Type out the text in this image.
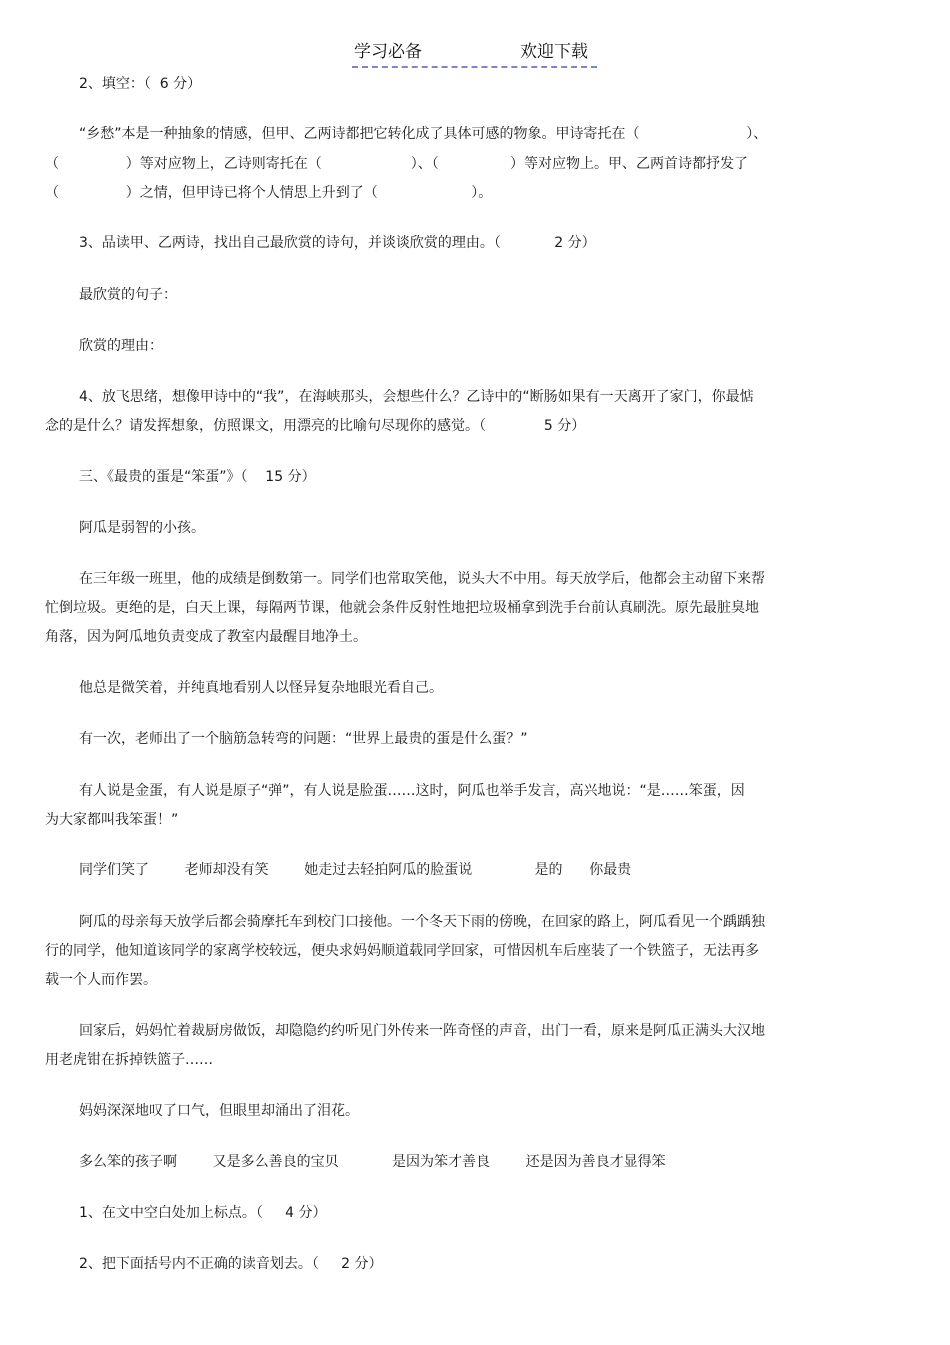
学习必备	欢迎下载
2、填空：（  6 分）
“乡愁”本是一种抽象的情感，但甲、乙两诗都把它转化成了具体可感的物象。甲诗寄托在（                        ）、
（               ）等对应物上，乙诗则寄托在（                    ）、（                ）等对应物上。甲、乙两首诗都抒发了
（               ）之情，但甲诗已将个人情思上升到了（                     ）。
3、品读甲、乙两诗，找出自己最欣赏的诗句，并谈谈欣赏的理由。（            2 分）
最欣赏的句子：
欣赏的理由：
4、放飞思绪，想像甲诗中的“我”，在海峡那头，会想些什么？乙诗中的“断肠如果有一天离开了家门，你最惦
念的是什么？请发挥想象，仿照课文，用漂亮的比喻句尽现你的感觉。（             5 分）
三、《最贵的蛋是“笨蛋”》（    15 分）
阿瓜是弱智的小孩。
在三年级一班里，他的成绩是倒数第一。同学们也常取笑他，说头大不中用。每天放学后，他都会主动留下来帮
忙倒垃圾。更绝的是，白天上课，每隔两节课，他就会条件反射性地把垃圾桶拿到洗手台前认真刷洗。原先最脏臭地
角落，因为阿瓜地负责变成了教室内最醒目地净土。
他总是微笑着，并纯真地看别人以怪异复杂地眼光看自己。
有一次，老师出了一个脑筋急转弯的问题：“世界上最贵的蛋是什么蛋？”
有人说是金蛋，有人说是原子“弹”，有人说是脸蛋……这时，阿瓜也举手发言，高兴地说：“是……笨蛋，因
为大家都叫我笨蛋！”
同学们笑了        老师却没有笑        她走过去轻拍阿瓜的脸蛋说              是的      你最贵
阿瓜的母亲每天放学后都会骑摩托车到校门口接他。一个冬天下雨的傍晚，在回家的路上，阿瓜看见一个踽踽独
行的同学，他知道该同学的家离学校较远，便央求妈妈顺道载同学回家，可惜因机车后座装了一个铁篮子，无法再多
载一个人而作罢。
回家后，妈妈忙着裁厨房做饭，却隐隐约约听见门外传来一阵奇怪的声音，出门一看，原来是阿瓜正满头大汉地
用老虎钳在拆掉铁篮子……
妈妈深深地叹了口气，但眼里却涌出了泪花。
多么笨的孩子啊        又是多么善良的宝贝            是因为笨才善良        还是因为善良才显得笨
1、在文中空白处加上标点。（     4 分）
2、把下面括号内不正确的读音划去。（     2 分）
